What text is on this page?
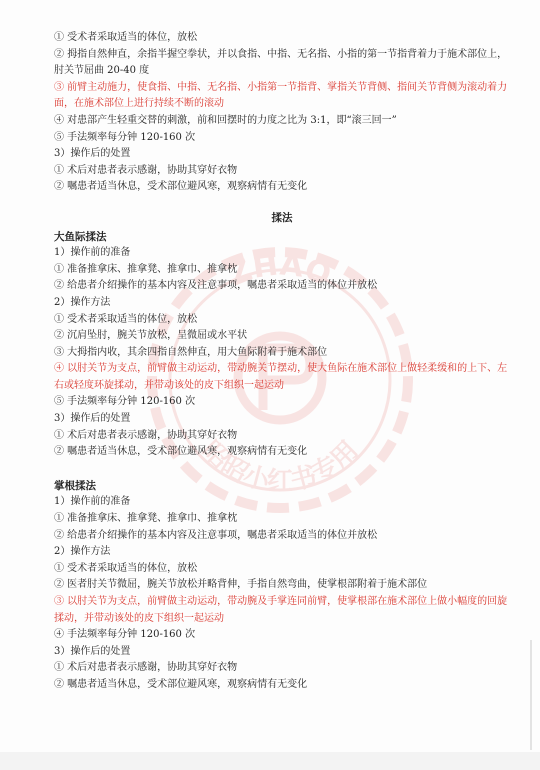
ZHAO
昭昭小红书专用
① 受术者采取适当的体位，放松
② 拇指自然伸直，余指半握空拳状，并以食指、中指、无名指、小指的第一节指背着力于施术部位上，肘关节屈曲 20-40 度
③ 前臂主动施力，使食指、中指、无名指、小指第一节指背、掌指关节背侧、指间关节背侧为滚动着力面，在施术部位上进行持续不断的滚动
④ 对患部产生轻重交替的刺激，前和回摆时的力度之比为 3:1，即“滚三回一”
⑤ 手法频率每分钟 120-160 次
3）操作后的处置
① 术后对患者表示感谢，协助其穿好衣物
② 嘱患者适当休息，受术部位避风寒，观察病情有无变化
揉法
大鱼际揉法
1）操作前的准备
① 准备推拿床、推拿凳、推拿巾、推拿枕
② 给患者介绍操作的基本内容及注意事项，嘱患者采取适当的体位并放松
2）操作方法
① 受术者采取适当的体位，放松
② 沉肩坠肘，腕关节放松，呈微屈或水平状
③ 大拇指内收，其余四指自然伸直，用大鱼际附着于施术部位
④ 以肘关节为支点，前臂做主动运动，带动腕关节摆动，使大鱼际在施术部位上做轻柔缓和的上下、左右或轻度环旋揉动，并带动该处的皮下组织一起运动
⑤ 手法频率每分钟 120-160 次
3）操作后的处置
① 术后对患者表示感谢，协助其穿好衣物
② 嘱患者适当休息，受术部位避风寒，观察病情有无变化
掌根揉法
1）操作前的准备
① 准备推拿床、推拿凳、推拿巾、推拿枕
② 给患者介绍操作的基本内容及注意事项，嘱患者采取适当的体位并放松
2）操作方法
① 受术者采取适当的体位，放松
② 医者肘关节微屈，腕关节放松并略背伸，手指自然弯曲，使掌根部附着于施术部位
③ 以肘关节为支点，前臂做主动运动，带动腕及手掌连同前臂，使掌根部在施术部位上做小幅度的回旋揉动，并带动该处的皮下组织一起运动
④ 手法频率每分钟 120-160 次
3）操作后的处置
① 术后对患者表示感谢，协助其穿好衣物
② 嘱患者适当休息，受术部位避风寒，观察病情有无变化
